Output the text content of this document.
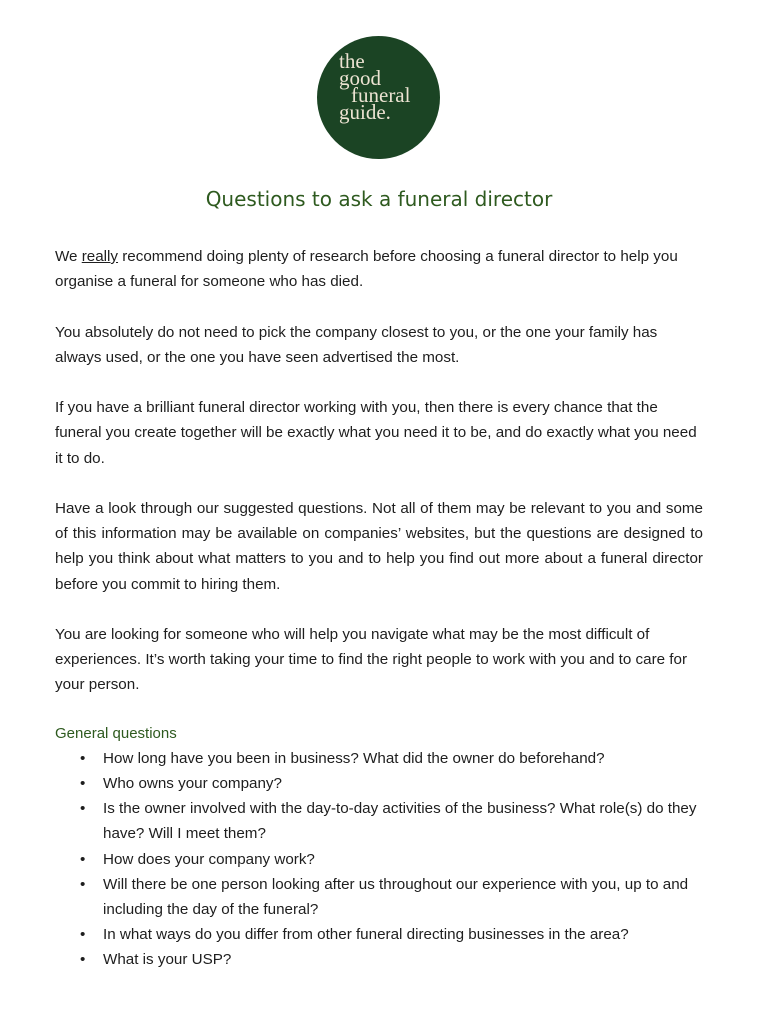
the
good
funeral
guide.
Questions to ask a funeral director

We really recommend doing plenty of research before choosing a funeral director to help you organise a funeral for someone who has died.

You absolutely do not need to pick the company closest to you, or the one your family has always used, or the one you have seen advertised the most.

If you have a brilliant funeral director working with you, then there is every chance that the funeral you create together will be exactly what you need it to be, and do exactly what you need it to do.

Have a look through our suggested questions. Not all of them may be relevant to you and some of this information may be available on companies’ websites, but the questions are designed to help you think about what matters to you and to help you find out more about a funeral director before you commit to hiring them.

You are looking for someone who will help you navigate what may be the most difficult of experiences. It’s worth taking your time to find the right people to work with you and to care for your person.

General questions
• How long have you been in business? What did the owner do beforehand?
• Who owns your company?
• Is the owner involved with the day-to-day activities of the business? What role(s) do they have? Will I meet them?
• How does your company work?
• Will there be one person looking after us throughout our experience with you, up to and including the day of the funeral?
• In what ways do you differ from other funeral directing businesses in the area?
• What is your USP?
